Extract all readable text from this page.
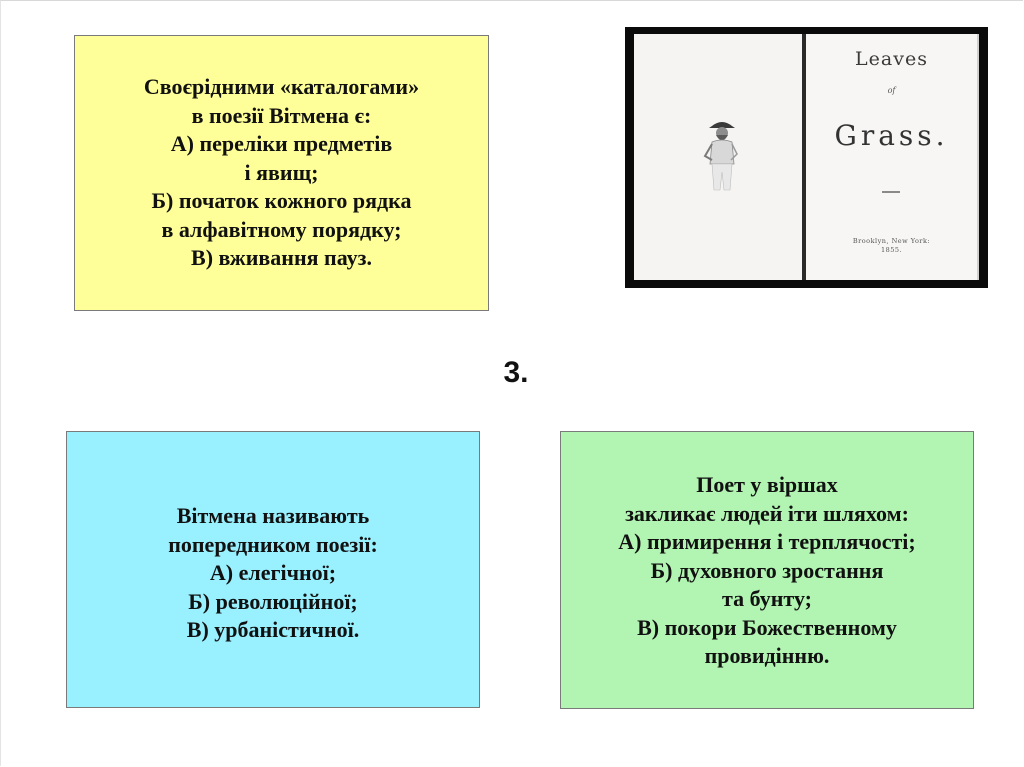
Своєрідними «каталогами»
в поезії Вітмена є:
А) переліки предметів
і явищ;
Б) початок кожного рядка
в алфавітному порядку;
В) вживання пауз.
Leaves
of
Grass.
Brooklyn, New York:
1855.
3.
Вітмена називають
попередником поезії:
А) елегічної;
Б) революційної;
В) урбаністичної.
Поет у віршах
закликає людей іти шляхом:
А) примирення і терплячості;
Б) духовного зростання
та бунту;
В) покори Божественному
провидінню.
